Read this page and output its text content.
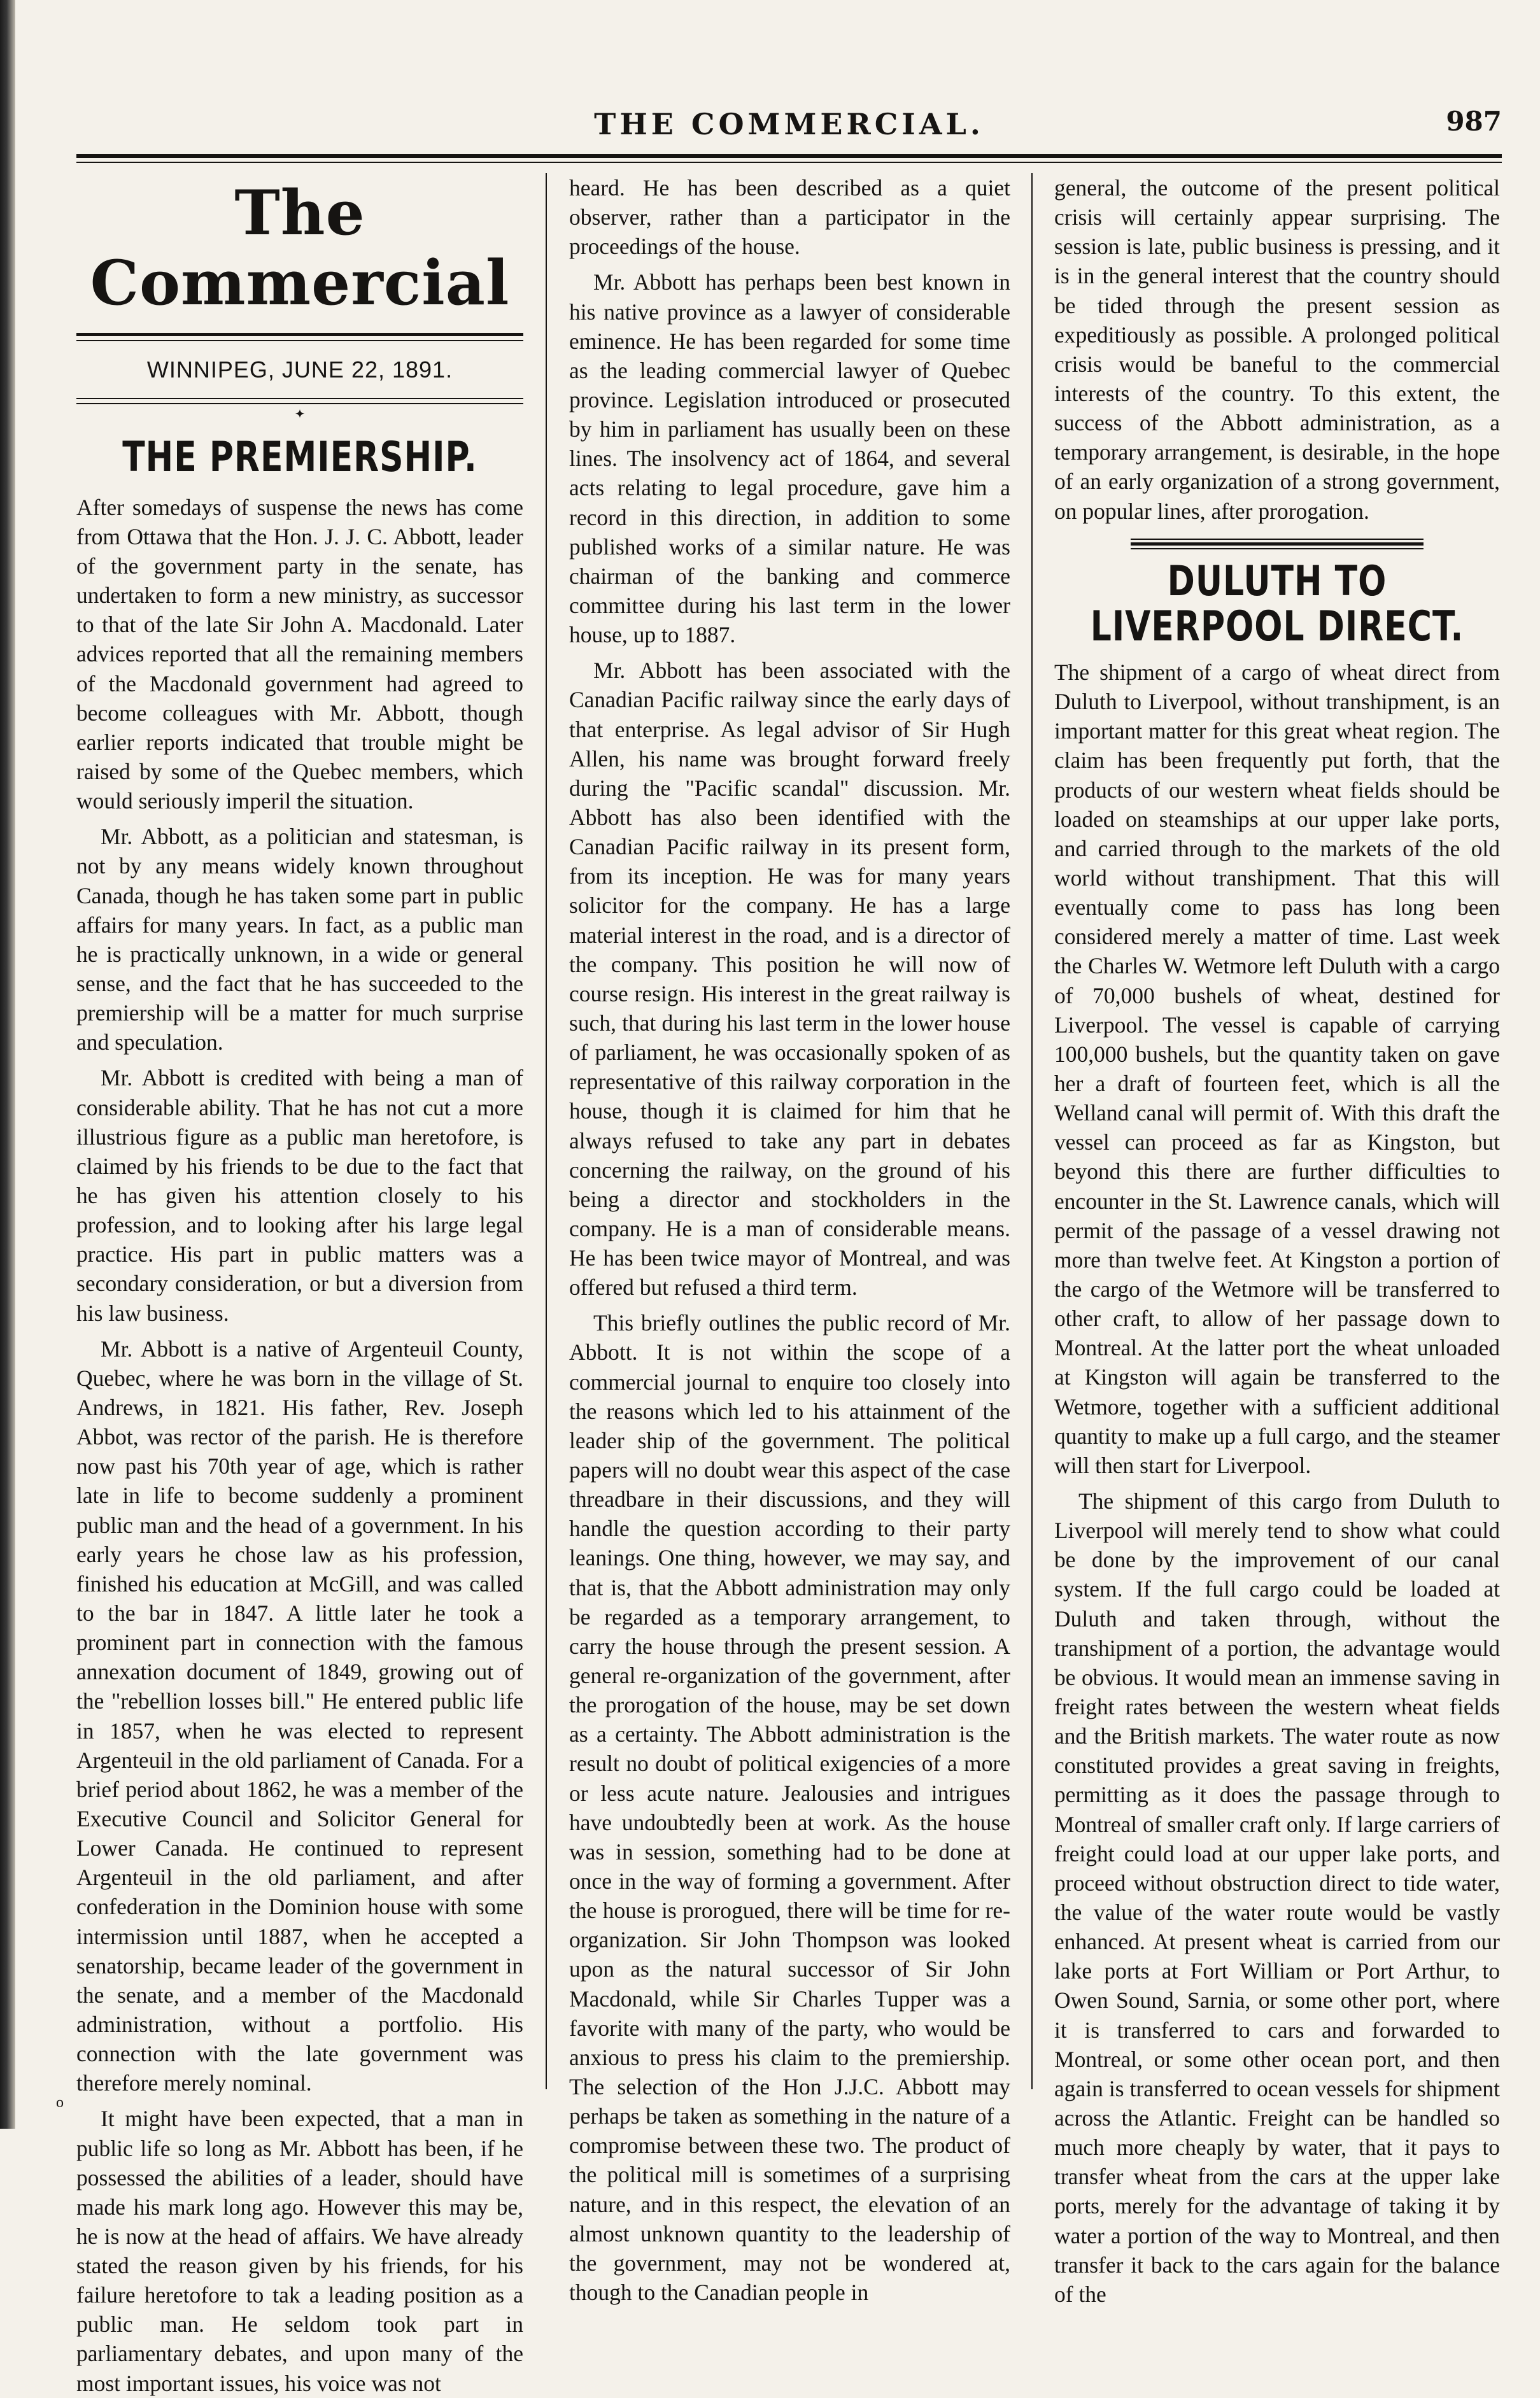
THE COMMERCIAL.	987
The Commercial
WINNIPEG, JUNE 22, 1891.
✦
THE PREMIERSHIP.

After somedays of suspense the news has come from Ottawa that the Hon. J. J. C. Abbott, leader of the government party in the senate, has undertaken to form a new ministry, as successor to that of the late Sir John A. Macdonald. Later advices reported that all the remaining members of the Macdonald government had agreed to become colleagues with Mr. Abbott, though earlier reports indicated that trouble might be raised by some of the Quebec members, which would seriously imperil the situation.

Mr. Abbott, as a politician and statesman, is not by any means widely known throughout Canada, though he has taken some part in public affairs for many years. In fact, as a public man he is practically unknown, in a wide or general sense, and the fact that he has succeeded to the premiership will be a matter for much surprise and speculation.

Mr. Abbott is credited with being a man of considerable ability. That he has not cut a more illustrious figure as a public man heretofore, is claimed by his friends to be due to the fact that he has given his attention closely to his profession, and to looking after his large legal practice. His part in public matters was a secondary consideration, or but a diversion from his law business.

Mr. Abbott is a native of Argenteuil County, Quebec, where he was born in the village of St. Andrews, in 1821. His father, Rev. Joseph Abbot, was rector of the parish. He is therefore now past his 70th year of age, which is rather late in life to become suddenly a prominent public man and the head of a government. In his early years he chose law as his profession, finished his education at McGill, and was called to the bar in 1847. A little later he took a prominent part in connection with the famous annexation document of 1849, growing out of the "rebellion losses bill." He entered public life in 1857, when he was elected to represent Argenteuil in the old parliament of Canada. For a brief period about 1862, he was a member of the Executive Council and Solicitor General for Lower Canada. He continued to represent Argenteuil in the old parliament, and after confederation in the Dominion house with some intermission until 1887, when he accepted a senatorship, became leader of the government in the senate, and a member of the Macdonald administration, without a portfolio. His connection with the late government was therefore merely nominal.

It might have been expected, that a man in public life so long as Mr. Abbott has been, if he possessed the abilities of a leader, should have made his mark long ago. However this may be, he is now at the head of affairs. We have already stated the reason given by his friends, for his failure heretofore to tak a leading position as a public man. He seldom took part in parliamentary debates, and upon many of the most important issues, his voice was not

heard. He has been described as a quiet observer, rather than a participator in the proceedings of the house.

Mr. Abbott has perhaps been best known in his native province as a lawyer of considerable eminence. He has been regarded for some time as the leading commercial lawyer of Quebec province. Legislation introduced or prosecuted by him in parliament has usually been on these lines. The insolvency act of 1864, and several acts relating to legal procedure, gave him a record in this direction, in addition to some published works of a similar nature. He was chairman of the banking and commerce committee during his last term in the lower house, up to 1887.

Mr. Abbott has been associated with the Canadian Pacific railway since the early days of that enterprise. As legal advisor of Sir Hugh Allen, his name was brought forward freely during the "Pacific scandal" discussion. Mr. Abbott has also been identified with the Canadian Pacific railway in its present form, from its inception. He was for many years solicitor for the company. He has a large material interest in the road, and is a director of the company. This position he will now of course resign. His interest in the great railway is such, that during his last term in the lower house of parliament, he was occasionally spoken of as representative of this railway corporation in the house, though it is claimed for him that he always refused to take any part in debates concerning the railway, on the ground of his being a director and stockholders in the company. He is a man of considerable means. He has been twice mayor of Montreal, and was offered but refused a third term.

This briefly outlines the public record of Mr. Abbott. It is not within the scope of a commercial journal to enquire too closely into the reasons which led to his attainment of the leader ship of the government. The political papers will no doubt wear this aspect of the case threadbare in their discussions, and they will handle the question according to their party leanings. One thing, however, we may say, and that is, that the Abbott administration may only be regarded as a temporary arrangement, to carry the house through the present session. A general re-organization of the government, after the prorogation of the house, may be set down as a certainty. The Abbott administration is the result no doubt of political exigencies of a more or less acute nature. Jealousies and intrigues have undoubtedly been at work. As the house was in session, something had to be done at once in the way of forming a government. After the house is prorogued, there will be time for re-organization. Sir John Thompson was looked upon as the natural successor of Sir John Macdonald, while Sir Charles Tupper was a favorite with many of the party, who would be anxious to press his claim to the premiership. The selection of the Hon J.J.C. Abbott may perhaps be taken as something in the nature of a compromise between these two. The product of the political mill is sometimes of a surprising nature, and in this respect, the elevation of an almost unknown quantity to the leadership of the government, may not be wondered at, though to the Canadian people in

general, the outcome of the present political crisis will certainly appear surprising. The session is late, public business is pressing, and it is in the general interest that the country should be tided through the present session as expeditiously as possible. A prolonged political crisis would be baneful to the commercial interests of the country. To this extent, the success of the Abbott administration, as a temporary arrangement, is desirable, in the hope of an early organization of a strong government, on popular lines, after prorogation.

DULUTH TO LIVERPOOL DIRECT.

The shipment of a cargo of wheat direct from Duluth to Liverpool, without transhipment, is an important matter for this great wheat region. The claim has been frequently put forth, that the products of our western wheat fields should be loaded on steamships at our upper lake ports, and carried through to the markets of the old world without transhipment. That this will eventually come to pass has long been considered merely a matter of time. Last week the Charles W. Wetmore left Duluth with a cargo of 70,000 bushels of wheat, destined for Liverpool. The vessel is capable of carrying 100,000 bushels, but the quantity taken on gave her a draft of fourteen feet, which is all the Welland canal will permit of. With this draft the vessel can proceed as far as Kingston, but beyond this there are further difficulties to encounter in the St. Lawrence canals, which will permit of the passage of a vessel drawing not more than twelve feet. At Kingston a portion of the cargo of the Wetmore will be transferred to other craft, to allow of her passage down to Montreal. At the latter port the wheat unloaded at Kingston will again be transferred to the Wetmore, together with a sufficient additional quantity to make up a full cargo, and the steamer will then start for Liverpool.

The shipment of this cargo from Duluth to Liverpool will merely tend to show what could be done by the improvement of our canal system. If the full cargo could be loaded at Duluth and taken through, without the transhipment of a portion, the advantage would be obvious. It would mean an immense saving in freight rates between the western wheat fields and the British markets. The water route as now constituted provides a great saving in freights, permitting as it does the passage through to Montreal of smaller craft only. If large carriers of freight could load at our upper lake ports, and proceed without obstruction direct to tide water, the value of the water route would be vastly enhanced. At present wheat is carried from our lake ports at Fort William or Port Arthur, to Owen Sound, Sarnia, or some other port, where it is transferred to cars and forwarded to Montreal, or some other ocean port, and then again is transferred to ocean vessels for shipment across the Atlantic. Freight can be handled so much more cheaply by water, that it pays to transfer wheat from the cars at the upper lake ports, merely for the advantage of taking it by water a portion of the way to Montreal, and then transfer it back to the cars again for the balance of the

o
